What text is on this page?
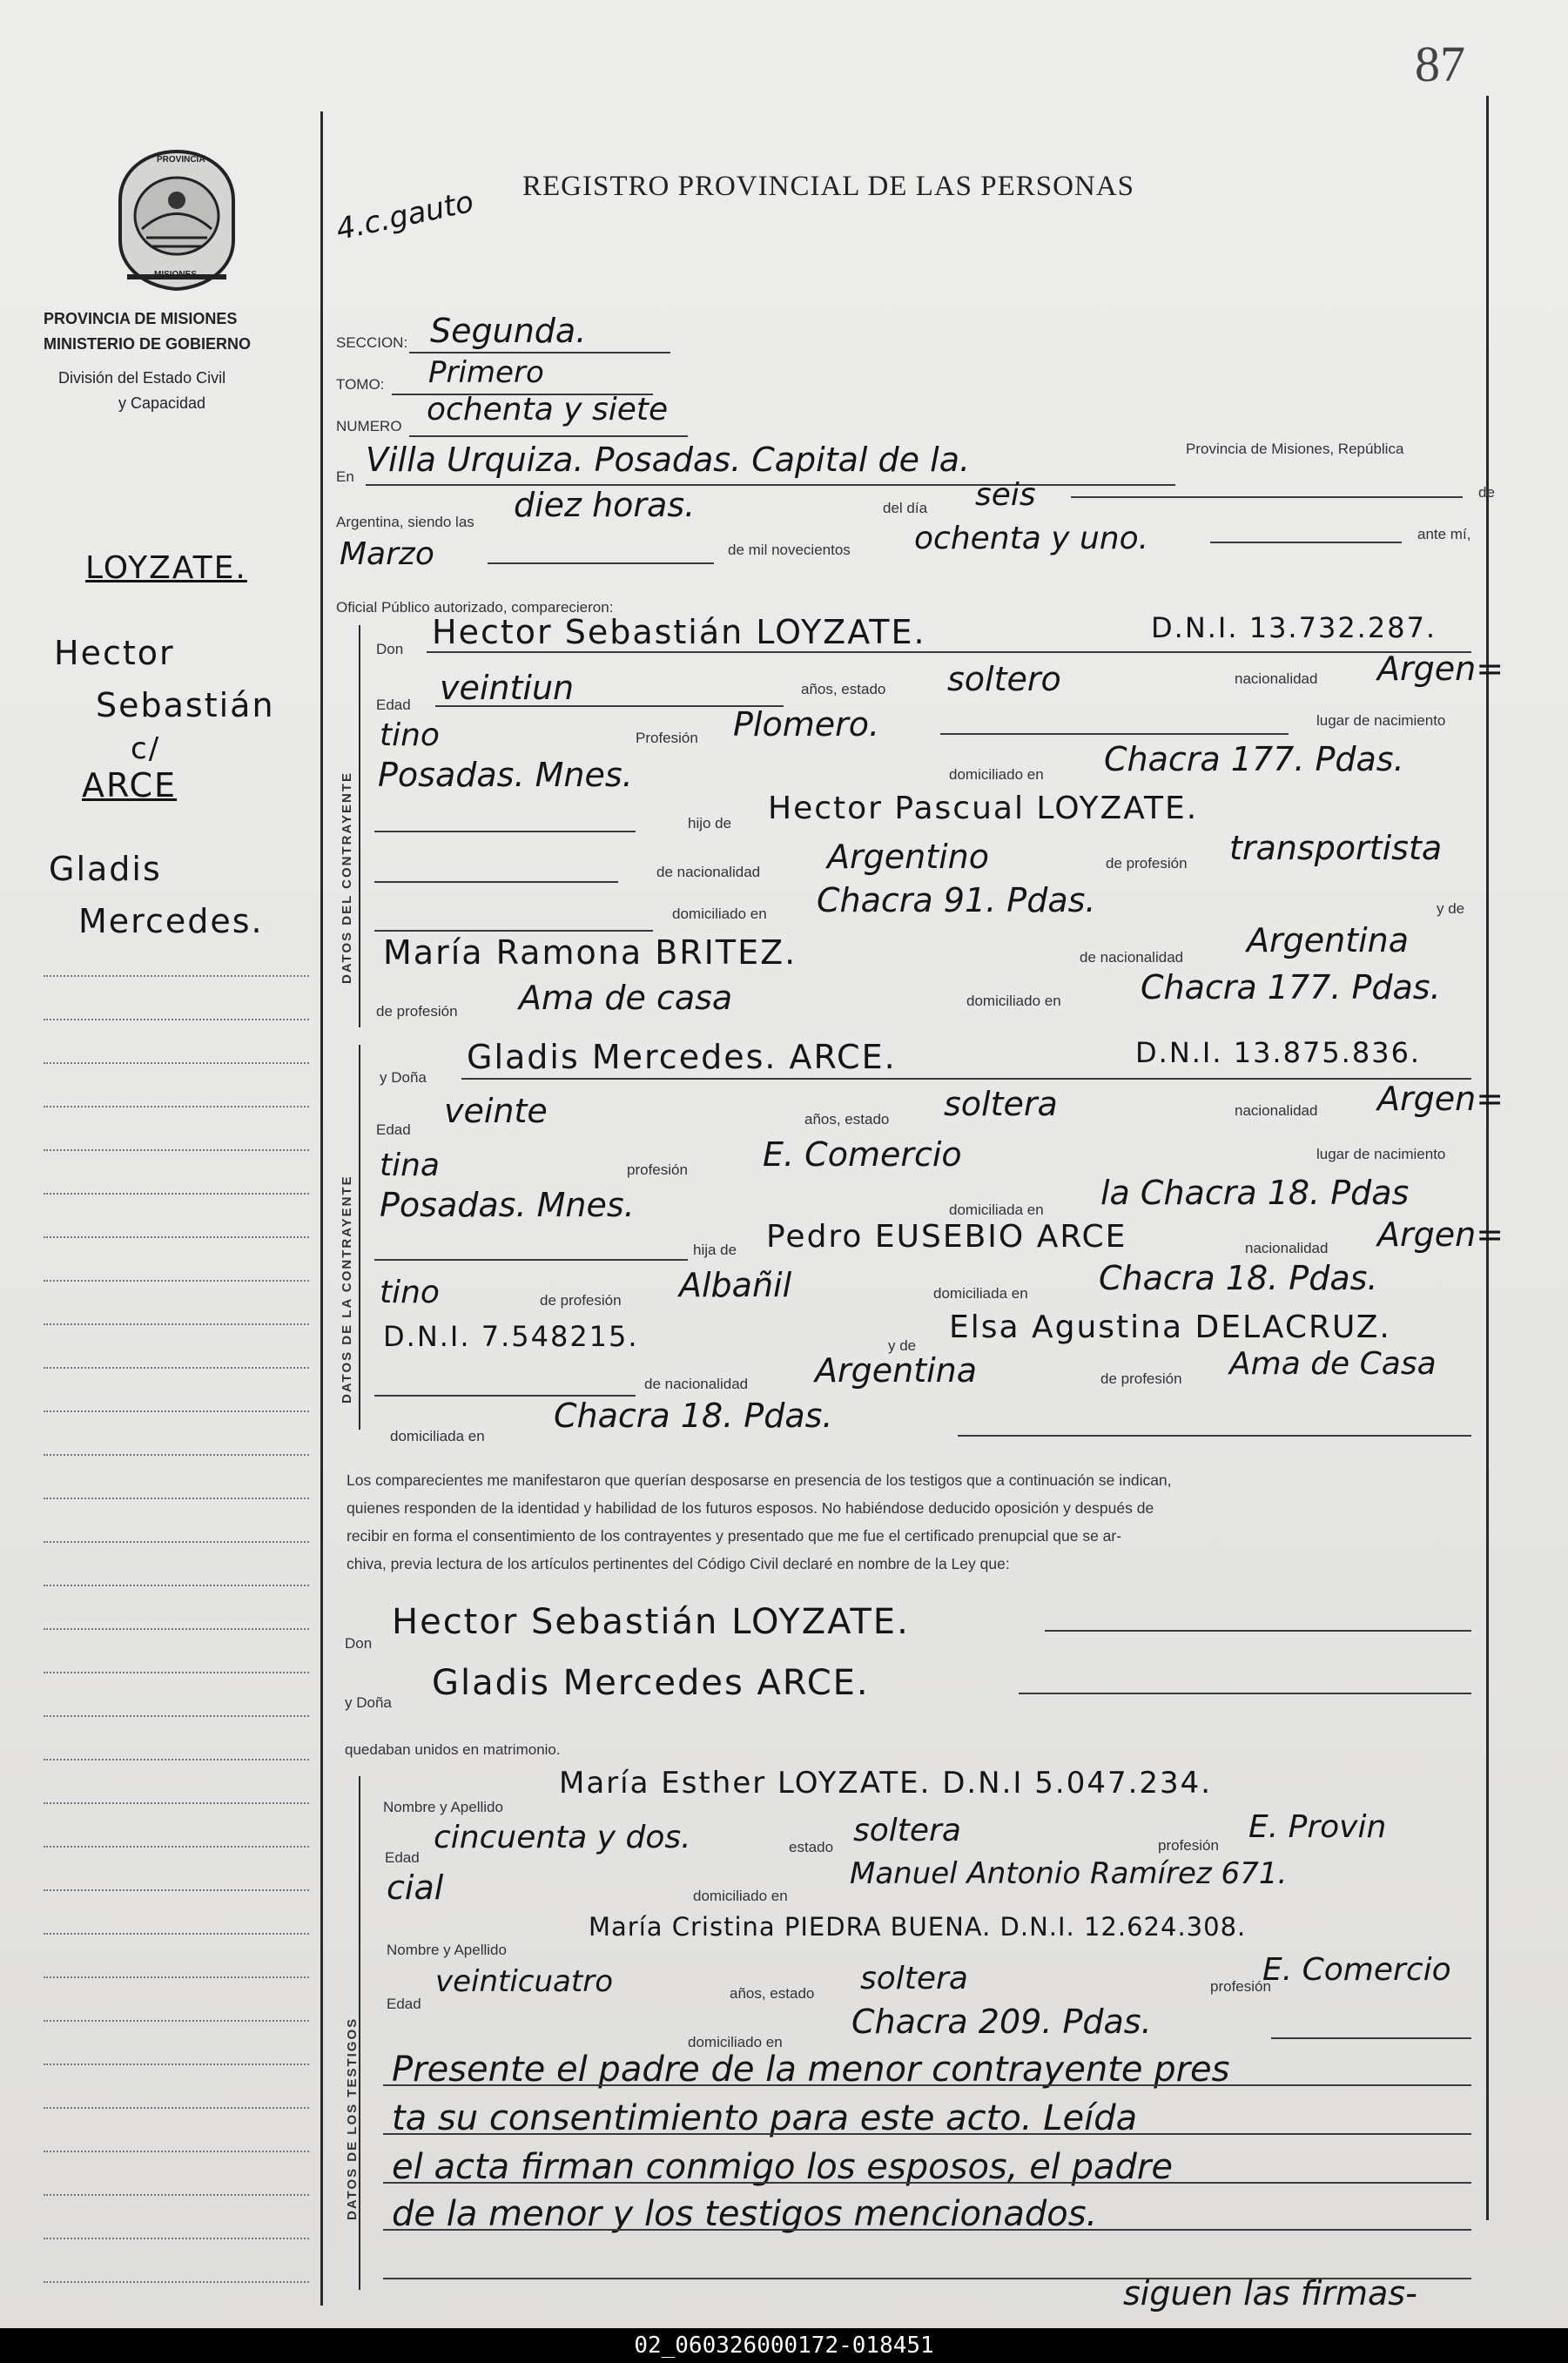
87
PROVINCIA
MISIONES
PROVINCIA DE MISIONES
MINISTERIO DE GOBIERNO
División del Estado Civil
y Capacidad
4.c.gauto REGISTRO PROVINCIAL DE LAS PERSONAS
LOYZATE.
Hector
Sebastián
c/
ARCE
Gladis
Mercedes.
SECCION: Segunda.
TOMO: Primero
NUMERO ochenta y siete
En Villa Urquiza. Posadas. Capital de la.	Provincia de Misiones, República
Argentina, siendo las diez horas.	del día seis	de
Marzo	de mil novecientos ochenta y uno.	ante mí,
Oficial Público autorizado, comparecieron:
DATOS DEL CONTRAYENTE
Don Hector Sebastián LOYZATE.	D.N.I. 13.732.287.
Edad veintiun	años, estado soltero	nacionalidad Argen=
tino	Profesión Plomero.	lugar de nacimiento
Posadas. Mnes.	domiciliado en Chacra 177. Pdas.
hijo de Hector Pascual LOYZATE.
de nacionalidad Argentino	de profesión transportista
domiciliado en Chacra 91. Pdas.	y de
María Ramona BRITEZ.	de nacionalidad Argentina
de profesión Ama de casa	domiciliado en Chacra 177. Pdas.
DATOS DE LA CONTRAYENTE
y Doña
Gladis Mercedes. ARCE.	D.N.I. 13.875.836.
Edad veinte	años, estado soltera	nacionalidad Argen=
tina	profesión E. Comercio	lugar de nacimiento
Posadas. Mnes.	domiciliada en la Chacra 18. Pdas
hija de Pedro EUSEBIO ARCE	nacionalidad Argen=
tino	de profesión Albañil	domiciliada en Chacra 18. Pdas.
D.N.I. 7.548215.	y de
Elsa Agustina DELACRUZ.
de nacionalidad Argentina	de profesión Ama de Casa
domiciliada en
Chacra 18. Pdas.
Los comparecientes me manifestaron que querían desposarse en presencia de los testigos que a continuación se indican,
quienes responden de la identidad y habilidad de los futuros esposos. No habiéndose deducido oposición y después de
recibir en forma el consentimiento de los contrayentes y presentado que me fue el certificado prenupcial que se ar-
chiva, previa lectura de los artículos pertinentes del Código Civil declaré en nombre de la Ley que:
Don
Hector Sebastián LOYZATE.
y Doña Gladis Mercedes ARCE.
quedaban unidos en matrimonio.
DATOS DE LOS TESTIGOS
Nombre y Apellido
María Esther LOYZATE. D.N.I 5.047.234.
Edad
cincuenta y dos.	estado soltera	profesión
E. Provin
cial	domiciliado en
Manuel Antonio Ramírez 671.
Nombre y Apellido
María Cristina PIEDRA BUENA. D.N.I. 12.624.308.
Edad
veinticuatro	años, estado soltera	profesión
E. Comercio
domiciliado en
Chacra 209. Pdas.
Presente el padre de la menor contrayente pres
ta su consentimiento para este acto. Leída
el acta firman conmigo los esposos, el padre
de la menor y los testigos mencionados.
siguen las firmas-
02_060326000172-018451
